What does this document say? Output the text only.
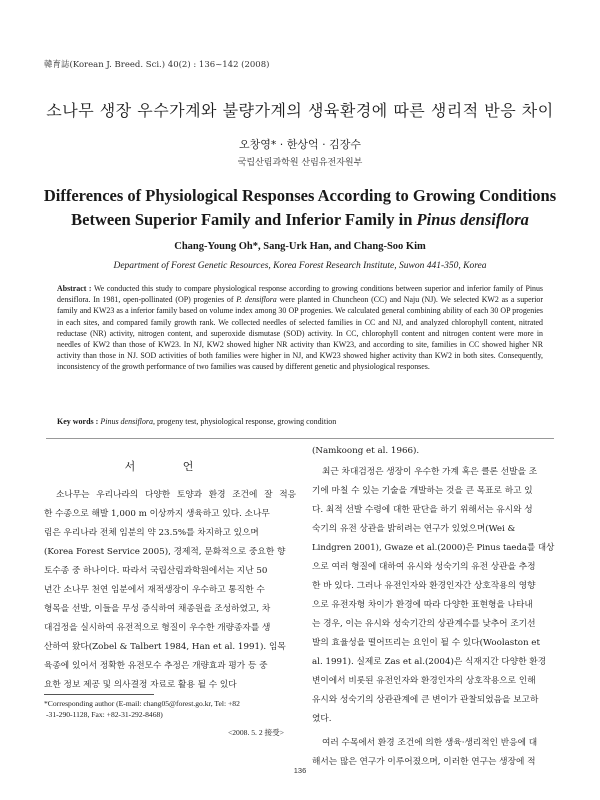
韓育誌(Korean J. Breed. Sci.) 40(2) : 136~142 (2008)
소나무 생장 우수가계와 불량가계의 생육환경에 따른 생리적 반응 차이
오창영* · 한상억 · 김장수
국립산림과학원 산림유전자원부
Differences of Physiological Responses According to Growing Conditions
Between Superior Family and Inferior Family in Pinus densiflora
Chang-Young Oh*, Sang-Urk Han, and Chang-Soo Kim
Department of Forest Genetic Resources, Korea Forest Research Institute, Suwon 441-350, Korea
Abstract : We conducted this study to compare physiological response according to growing conditions between superior and inferior family of Pinus densiflora. In 1981, open-pollinated (OP) progenies of P. densiflora were planted in Chuncheon (CC) and Naju (NJ). We selected KW2 as a superior family and KW23 as a inferior family based on volume index among 30 OP progenies. We calculated general combining ability of each 30 OP progenies in each sites, and compared family growth rank. We collected needles of selected families in CC and NJ, and analyzed chlorophyll content, nitrated reductase (NR) activity, nitrogen content, and superoxide dismutase (SOD) activity. In CC, chlorophyll content and nitrogen content were more in needles of KW2 than those of KW23. In NJ, KW2 showed higher NR activity than KW23, and according to site, families in CC showed higher NR activity than those in NJ. SOD activities of both families were higher in NJ, and KW23 showed higher activity than KW2 in both sites. Consequently, inconsistency of the growth performance of two families was caused by different genetic and physiological responses.
Key words : Pinus densiflora, progeny test, physiological response, growing condition
서 언
소나무는 우리나라의 다양한 토양과 환경 조건에 잘 적응
한 수종으로 해발 1,000 m 이상까지 생육하고 있다. 소나무
림은 우리나라 전체 임분의 약 23.5%를 차지하고 있으며
(Korea Forest Service 2005), 경제적, 문화적으로 중요한 향
토수종 중 하나이다. 따라서 국립산림과학원에서는 지난 50
년간 소나무 천연 임분에서 재적생장이 우수하고 통직한 수
형목을 선발, 이들을 무성 증식하여 채종원을 조성하였고, 차
대검정을 실시하여 유전적으로 형질이 우수한 개량종자를 생
산하여 왔다(Zobel & Talbert 1984, Han et al. 1991). 임목
육종에 있어서 정확한 유전모수 추정은 개량효과 평가 등 중
요한 정보 제공 및 의사결정 자료로 활용 될 수 있다
*Corresponding author (E-mail: chang05@forest.go.kr, Tel: +82
-31-290-1128, Fax: +82-31-292-8468)
<2008. 5. 2 接受>
(Namkoong et al. 1966).
최근 차대검정은 생장이 우수한 가계 혹은 클론 선발을 조
기에 마칠 수 있는 기술을 개발하는 것을 큰 목표로 하고 있
다. 최적 선발 수령에 대한 판단을 하기 위해서는 유시와 성
숙기의 유전 상관을 밝히려는 연구가 있었으며(Wei &
Lindgren 2001), Gwaze et al.(2000)은 Pinus taeda를 대상
으로 여러 형질에 대하여 유시와 성숙기의 유전 상관을 추정
한 바 있다. 그러나 유전인자와 환경인자간 상호작용의 영향
으로 유전자형 차이가 환경에 따라 다양한 표현형을 나타내
는 경우, 이는 유시와 성숙기간의 상관계수를 낮추어 조기선
발의 효율성을 떨어뜨리는 요인이 될 수 있다(Woolaston et
al. 1991). 실제로 Zas et al.(2004)은 식재지간 다양한 환경
변이에서 비롯된 유전인자와 환경인자의 상호작용으로 인해
유시와 성숙기의 상관관계에 큰 변이가 관찰되었음을 보고하
였다.
여러 수목에서 환경 조건에 의한 생육·생리적인 반응에 대
해서는 많은 연구가 이루어졌으며, 이러한 연구는 생장에 적
136
